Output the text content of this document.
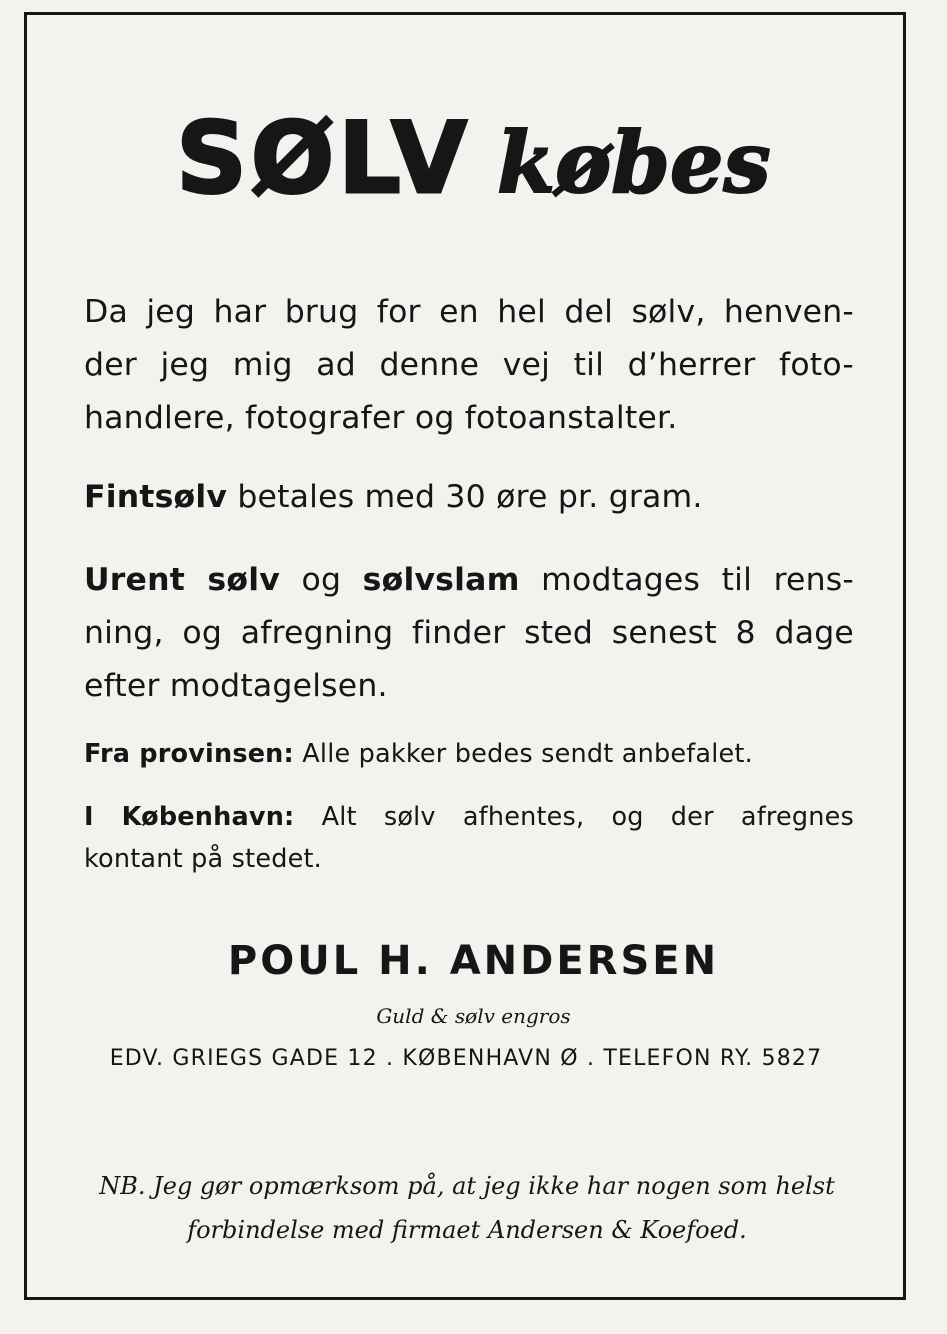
SØLV købes

Da jeg har brug for en hel del sølv, henven-
der jeg mig ad denne vej til d’herrer foto-
handlere, fotografer og fotoanstalter.

Fintsølv betales med 30 øre pr. gram.

Urent sølv og sølvslam modtages til rens-
ning, og afregning finder sted senest 8 dage
efter modtagelsen.

Fra provinsen: Alle pakker bedes sendt anbefalet.

I København: Alt sølv afhentes, og der afregnes
kontant på stedet.

POUL H. ANDERSEN
Guld & sølv engros
EDV. GRIEGS GADE 12 . KØBENHAVN Ø . TELEFON RY. 5827
NB. Jeg gør opmærksom på, at jeg ikke har nogen som helst
forbindelse med firmaet Andersen & Koefoed.
